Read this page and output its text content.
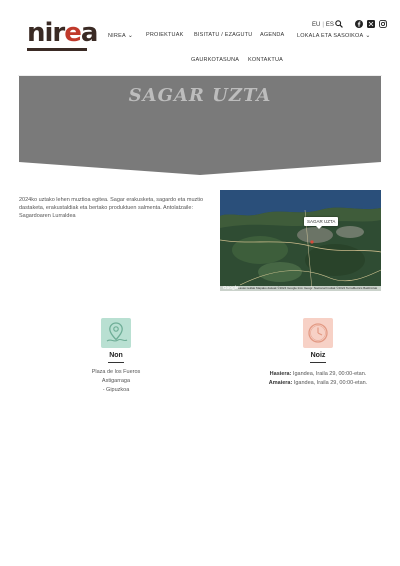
nirea	EU | ES
NIREA ⌄ PROIEKTUAK BISITATU / EZAGUTU AGENDA LOKALA ETA SASOIKOA ⌄
GAURKOTASUNA KONTAKTUA
SAGAR UZTA
2024ko uztako lehen muztioa egitea. Sagar erakusketa, sagardo eta muztio dastaketa, erakustaldiak eta bertako produktuen salmenta. Antolatzaile: Sagardoaren Lurraldea
SAGAR UZTA
Laster-teklak Mapako datuak ©2024 Google Inst. Geogr. Nacional Irudiak ©2024 TerraMetrics Baldintzak
Google
Non
Plaza de los Fueros
Astigarraga
- Gipuzkoa
Noiz
Hasiera: Igandea, Iraila 29, 00:00-etan.
Amaiera: Igandea, Iraila 29, 00:00-etan.
